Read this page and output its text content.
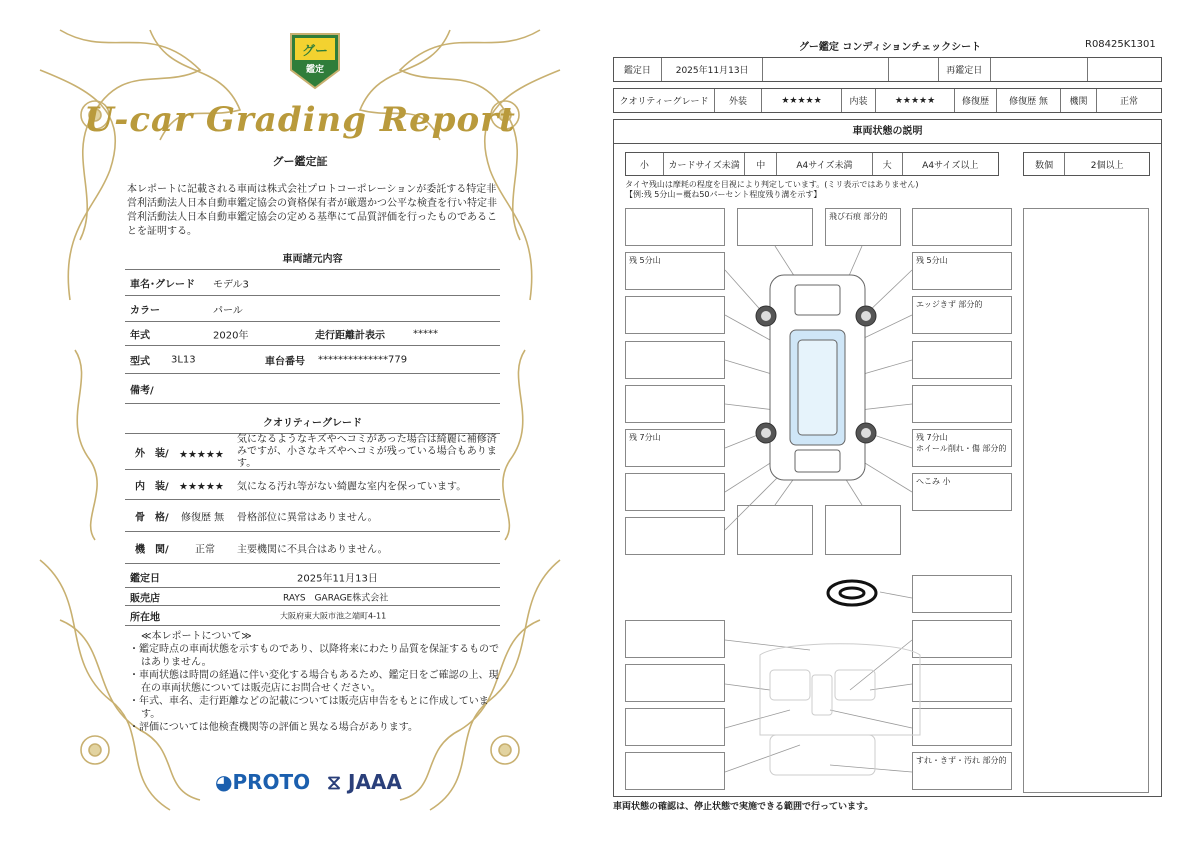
グー
鑑定
U-car Grading Report
グー鑑定証
本レポートに記載される車両は株式会社プロトコーポレーションが委託する特定非営利活動法人日本自動車鑑定協会の資格保有者が厳選かつ公平な検査を行い特定非営利活動法人日本自動車鑑定協会の定める基準にて品質評価を行ったものであることを証明する。
車両諸元内容
車名･グレード モデル3
カラー	パール
年式	2020年	走行距離計表示	*****
型式 3L13	車台番号 **************779
備考/
クオリティーグレード
外　装/ ★★★★★
気になるようなキズやヘコミがあった場合は綺麗に補修済みですが、小さなキズやヘコミが残っている場合もあります。
内　装/ ★★★★★ 気になる汚れ等がない綺麗な室内を保っています。
骨　格/ 修復歴 無 骨格部位に異常はありません。
機　関/	正常 主要機関に不具合はありません。
鑑定日	2025年11月13日
販売店	RAYS　GARAGE株式会社
所在地	大阪府東大阪市池之端町4-11
≪本レポートについて≫
・鑑定時点の車両状態を示すものであり、以降将来にわたり品質を保証するものではありません。
・車両状態は時間の経過に伴い変化する場合もあるため、鑑定日をご確認の上、現在の車両状態については販売店にお問合せください。
・年式、車名、走行距離などの記載については販売店申告をもとに作成しています。
・評価については他検査機関等の評価と異なる場合があります。
◕PROTO ⧖ JAAA
グー鑑定 コンディションチェックシート	R08425K1301
鑑定日	2025年11月13日	再鑑定日
クオリティーグレード	外装	★★★★★	内装	★★★★★	修復歴	修復歴 無	機関	正常
車両状態の説明
小	カードサイズ未満	中	A4サイズ未満	大	A4サイズ以上	数個	2個以上
タイヤ残山は摩耗の程度を目視により判定しています。(ミリ表示ではありません)
【例:残 5分山＝概ね50パーセント程度残り溝を示す】
残 5分山
残 7分山
飛び石痕 部分的
残 5分山
エッジきず 部分的
残 7分山
ホイール削れ・傷 部分的
へこみ 小
すれ・きず・汚れ 部分的
車両状態の確認は、停止状態で実施できる範囲で行っています。
